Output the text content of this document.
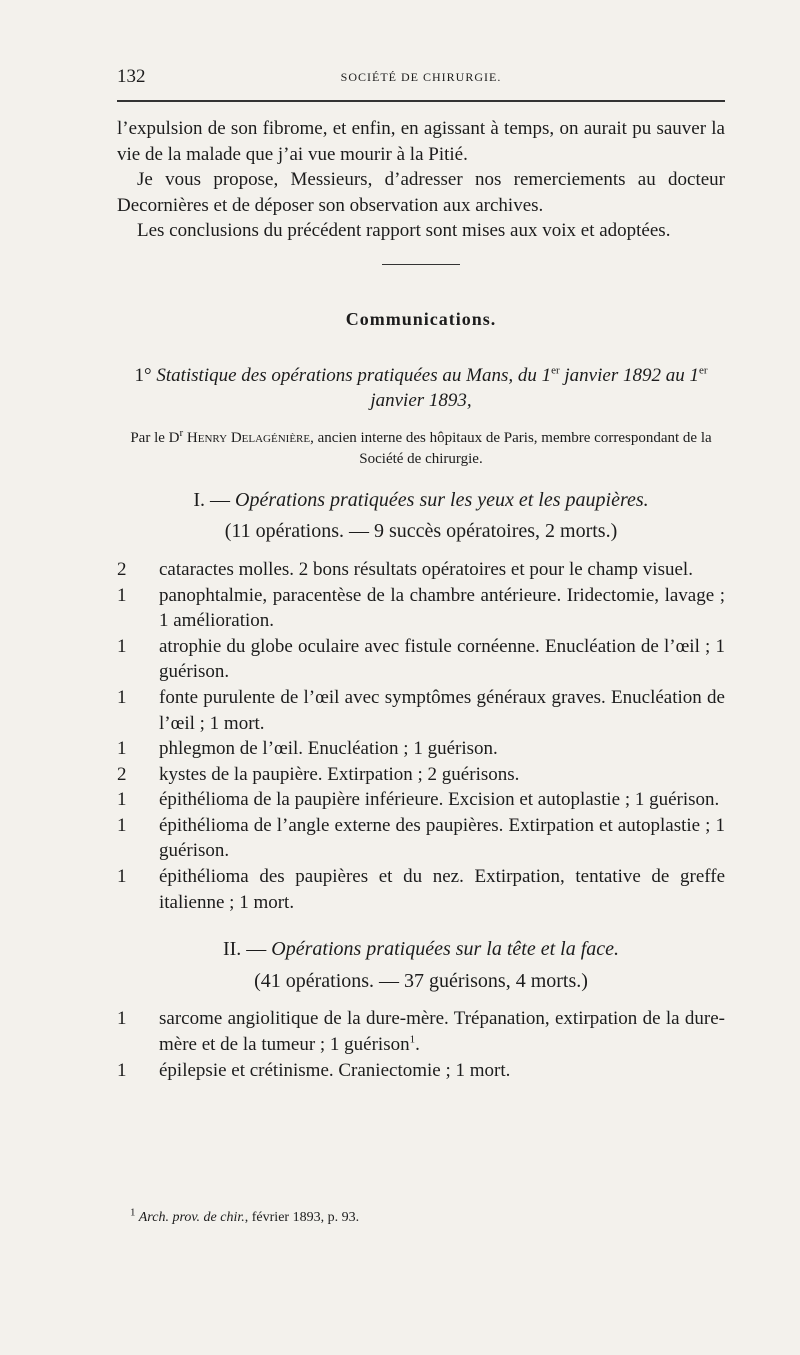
132	SOCIÉTÉ DE CHIRURGIE.

l’expulsion de son fibrome, et enfin, en agissant à temps, on aurait pu sauver la vie de la malade que j’ai vue mourir à la Pitié.

Je vous propose, Messieurs, d’adresser nos remerciements au docteur Decornières et de déposer son observation aux archives.

Les conclusions du précédent rapport sont mises aux voix et adoptées.

Communications.
1° Statistique des opérations pratiquées au Mans, du 1er janvier 1892 au 1er janvier 1893,
Par le $D^r$ Henry Delagénière, ancien interne des hôpitaux de Paris, membre correspondant de la Société de chirurgie.
I. — Opérations pratiquées sur les yeux et les paupières.
(11 opérations. — 9 succès opératoires, 2 morts.)

2 cataractes molles. 2 bons résultats opératoires et pour le champ visuel.

1 panophtalmie, paracentèse de la chambre antérieure. Iridectomie, lavage ; 1 amélioration.

1 atrophie du globe oculaire avec fistule cornéenne. Enucléation de l’œil ; 1 guérison.

1 fonte purulente de l’œil avec symptômes généraux graves. Enucléation de l’œil ; 1 mort.

1 phlegmon de l’œil. Enucléation ; 1 guérison.

2 kystes de la paupière. Extirpation ; 2 guérisons.

1 épithélioma de la paupière inférieure. Excision et autoplastie ; 1 guérison.

1 épithélioma de l’angle externe des paupières. Extirpation et autoplastie ; 1 guérison.

1 épithélioma des paupières et du nez. Extirpation, tentative de greffe italienne ; 1 mort.

II. — Opérations pratiquées sur la tête et la face.
(41 opérations. — 37 guérisons, 4 morts.)

1 sarcome angiolitique de la dure-mère. Trépanation, extirpation de la dure-mère et de la tumeur ; 1 guérison$^1$.

1 épilepsie et crétinisme. Craniectomie ; 1 mort.

$^1$ Arch. prov. de chir., février 1893, p. 93.
